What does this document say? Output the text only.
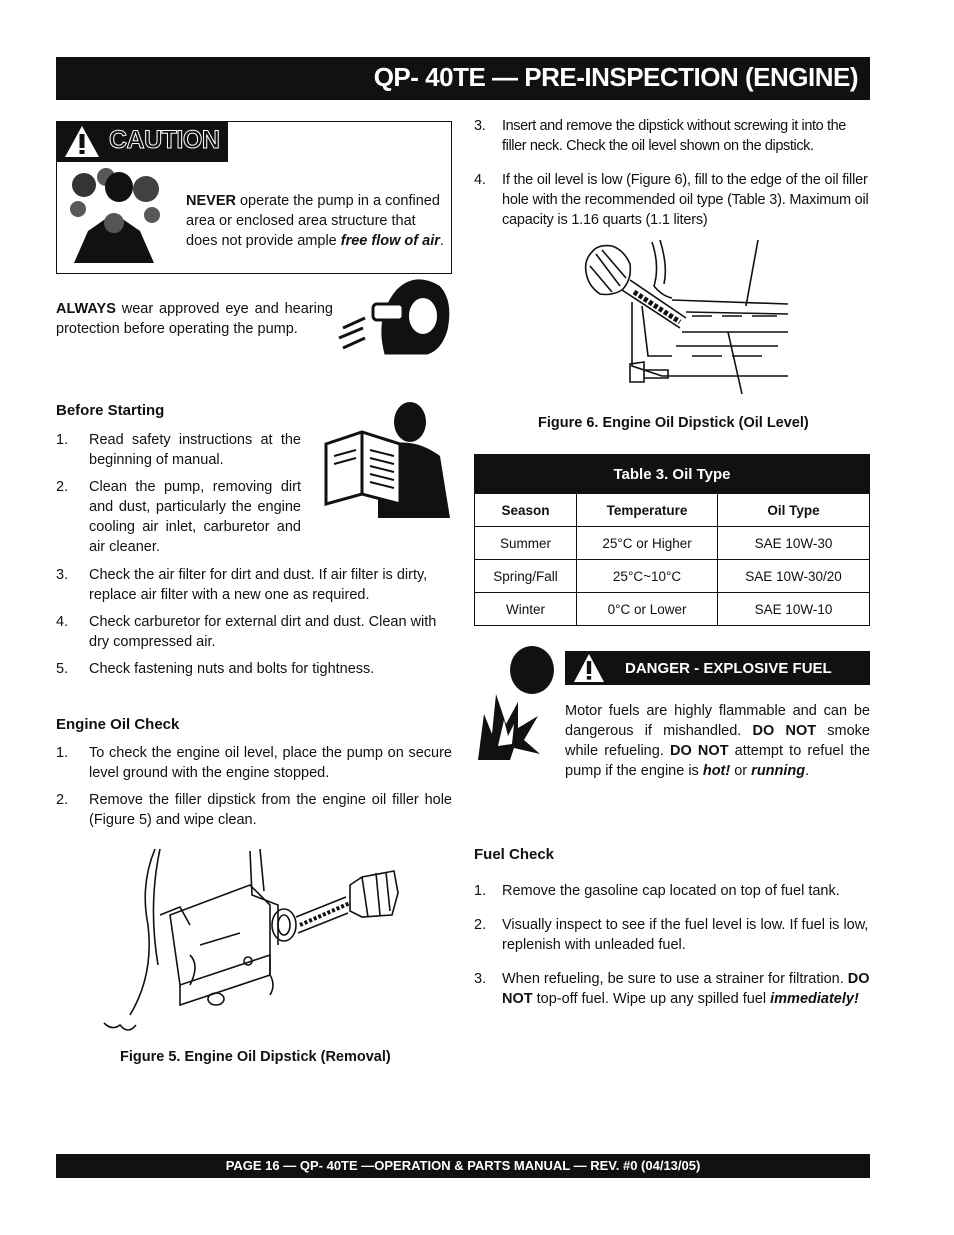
QP- 40TE — PRE-INSPECTION (ENGINE)
CAUTION
NEVER operate the pump in a confined area or enclosed area structure that does not provide ample free flow of air.
ALWAYS wear approved eye and hearing protection before operating the pump.
Before Starting
1. Read safety instructions at the beginning of manual.
2. Clean the pump, removing dirt and dust, particularly the engine cooling air inlet, carburetor and air cleaner.
3. Check the air filter for dirt and dust. If air filter is dirty, replace air filter with a new one as required.
4. Check carburetor for external dirt and dust. Clean with dry compressed air.
5. Check fastening nuts and bolts for tightness.
Engine Oil Check
1. To check the engine oil level, place the pump on secure level ground with the engine stopped.
2. Remove the filler dipstick from the engine oil filler hole (Figure 5) and wipe clean.
Figure 5. Engine Oil Dipstick (Removal)
3. Insert and remove the dipstick without screwing it into the filler neck. Check the oil level shown on the dipstick.
4. If the oil level is low (Figure 6), fill to the edge of the oil filler hole with the recommended oil type (Table 3). Maximum oil capacity is 1.16 quarts (1.1 liters)
Figure 6. Engine Oil Dipstick (Oil Level)
Table 3. Oil Type		
Season	Temperature	Oil Type
Summer	25°C or Higher	SAE 10W-30
Spring/Fall	25°C~10°C	SAE 10W-30/20
Winter	0°C or Lower	SAE 10W-10
DANGER - EXPLOSIVE FUEL
Motor fuels are highly flammable and can be dangerous if mishandled. DO NOT smoke while refueling. DO NOT attempt to refuel the pump if the engine is hot! or running.
Fuel Check
1. Remove the gasoline cap located on top of fuel tank.
2. Visually inspect to see if the fuel level is low. If fuel is low, replenish with unleaded fuel.
3. When refueling, be sure to use a strainer for filtration. DO NOT top-off fuel. Wipe up any spilled fuel immediately!
PAGE 16 — QP- 40TE —OPERATION & PARTS MANUAL — REV. #0 (04/13/05)
